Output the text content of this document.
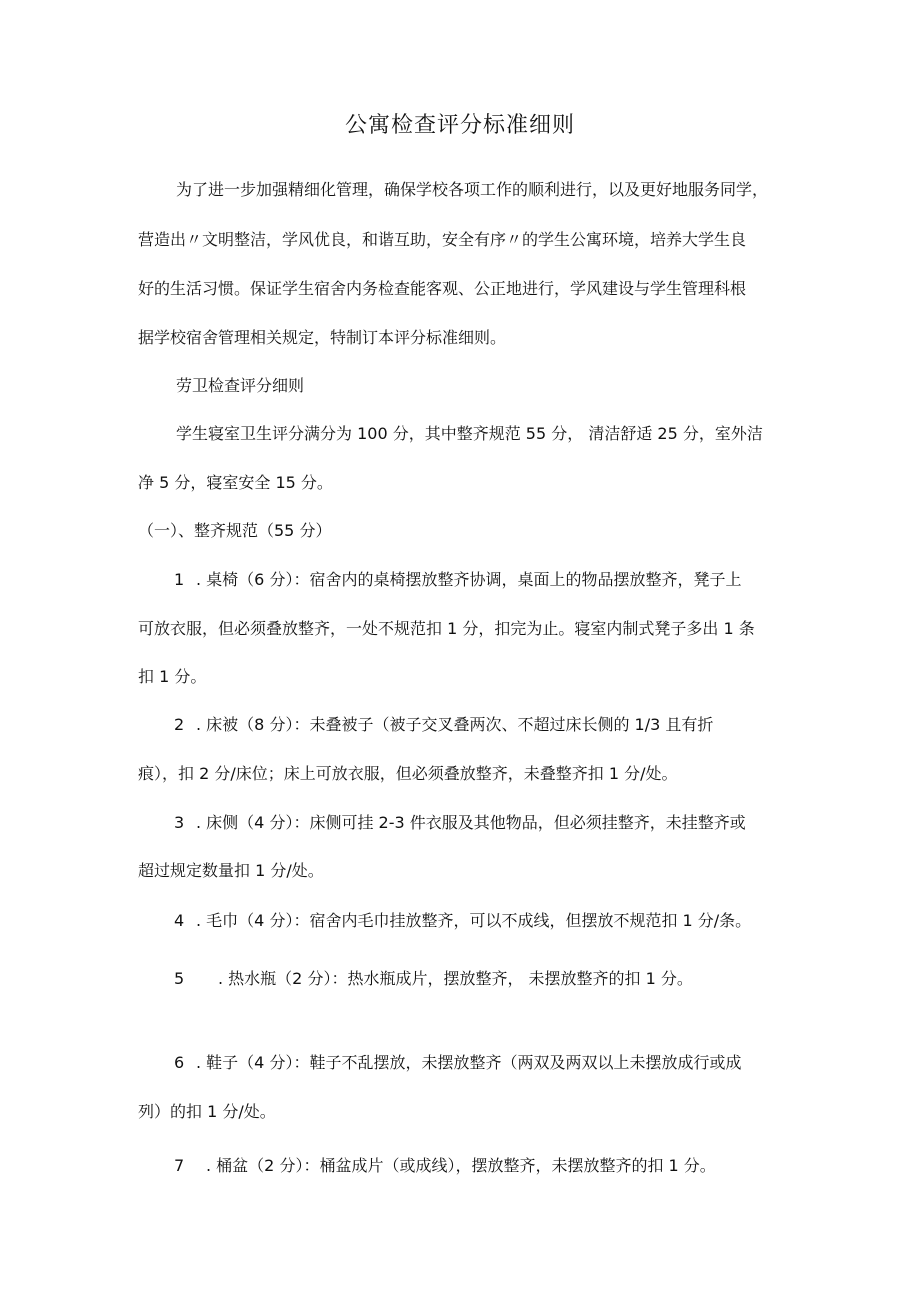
公寓检查评分标准细则
为了进一步加强精细化管理，确保学校各项工作的顺利进行，以及更好地服务同学，
营造出〃文明整洁，学风优良，和谐互助，安全有序〃的学生公寓环境，培养大学生良
好的生活习惯。保证学生宿舍内务检查能客观、公正地进行，学风建设与学生管理科根
据学校宿舍管理相关规定，特制订本评分标准细则。
劳卫检查评分细则
学生寝室卫生评分满分为 100 分，其中整齐规范 55 分， 清洁舒适 25 分，室外洁
净 5 分，寝室安全 15 分。
（一）、整齐规范（55 分）
1 . 桌椅（6 分）：宿舍内的桌椅摆放整齐协调，桌面上的物品摆放整齐，凳子上
可放衣服，但必须叠放整齐，一处不规范扣 1 分，扣完为止。寝室内制式凳子多出 1 条
扣 1 分。
2 . 床被（8 分）：未叠被子（被子交叉叠两次、不超过床长侧的 1/3 且有折
痕），扣 2 分/床位；床上可放衣服，但必须叠放整齐，未叠整齐扣 1 分/处。
3 . 床侧（4 分）：床侧可挂 2-3 件衣服及其他物品，但必须挂整齐，未挂整齐或
超过规定数量扣 1 分/处。
4 . 毛巾（4 分）：宿舍内毛巾挂放整齐，可以不成线，但摆放不规范扣 1 分/条。
5 . 热水瓶（2 分）：热水瓶成片，摆放整齐， 未摆放整齐的扣 1 分。
6 . 鞋子（4 分）：鞋子不乱摆放，未摆放整齐（两双及两双以上未摆放成行或成
列）的扣 1 分/处。
7 . 桶盆（2 分）：桶盆成片（或成线），摆放整齐，未摆放整齐的扣 1 分。
